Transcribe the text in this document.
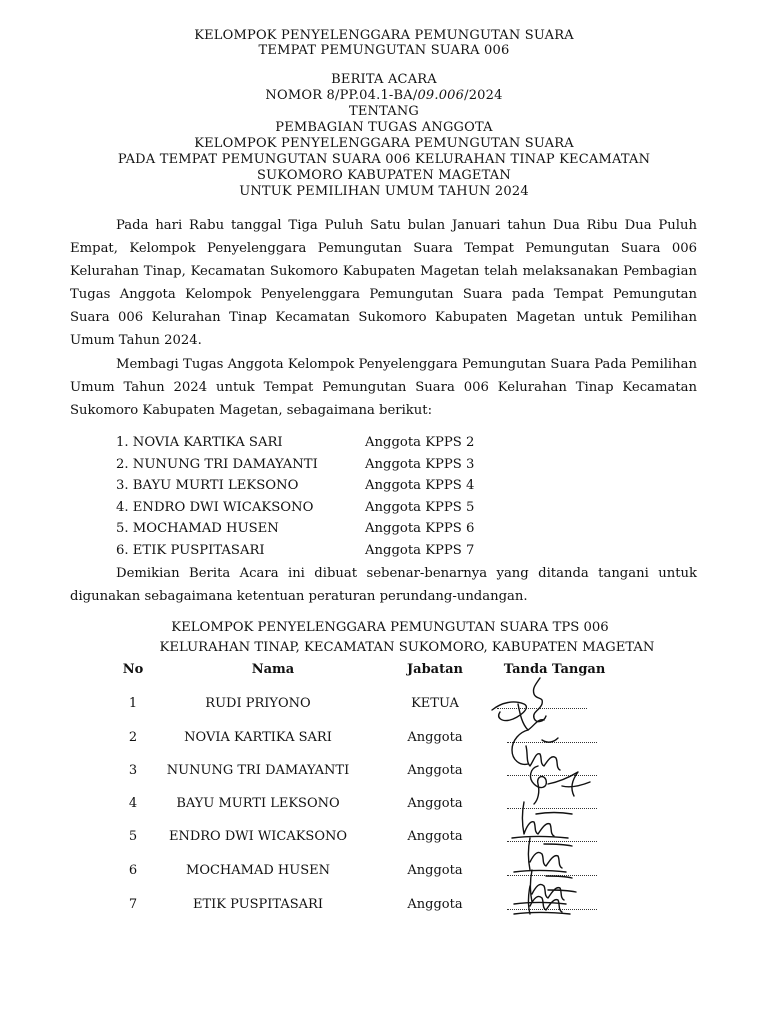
KELOMPOK PENYELENGGARA PEMUNGUTAN SUARA
TEMPAT PEMUNGUTAN SUARA 006
BERITA ACARA
NOMOR 8/PP.04.1-BA/09.006/2024
TENTANG
PEMBAGIAN TUGAS ANGGOTA
KELOMPOK PENYELENGGARA PEMUNGUTAN SUARA
PADA TEMPAT PEMUNGUTAN SUARA 006 KELURAHAN TINAP KECAMATAN
SUKOMORO KABUPATEN MAGETAN
UNTUK PEMILIHAN UMUM TAHUN 2024

Pada hari Rabu tanggal Tiga Puluh Satu bulan Januari tahun Dua Ribu Dua Puluh Empat, Kelompok Penyelenggara Pemungutan Suara Tempat Pemungutan Suara 006 Kelurahan Tinap, Kecamatan Sukomoro Kabupaten Magetan telah melaksanakan Pembagian Tugas Anggota Kelompok Penyelenggara Pemungutan Suara pada Tempat Pemungutan Suara 006 Kelurahan Tinap Kecamatan Sukomoro Kabupaten Magetan untuk Pemilihan Umum Tahun 2024.

Membagi Tugas Anggota Kelompok Penyelenggara Pemungutan Suara Pada Pemilihan Umum Tahun 2024 untuk Tempat Pemungutan Suara 006 Kelurahan Tinap Kecamatan Sukomoro Kabupaten Magetan, sebagaimana berikut:

1. NOVIA KARTIKA SARI	Anggota KPPS 2
2. NUNUNG TRI DAMAYANTI	Anggota KPPS 3
3. BAYU MURTI LEKSONO	Anggota KPPS 4
4. ENDRO DWI WICAKSONO	Anggota KPPS 5
5. MOCHAMAD HUSEN	Anggota KPPS 6
6. ETIK PUSPITASARI	Anggota KPPS 7

Demikian Berita Acara ini dibuat sebenar-benarnya yang ditanda tangani untuk digunakan sebagaimana ketentuan peraturan perundang-undangan.

KELOMPOK PENYELENGGARA PEMUNGUTAN SUARA TPS 006
KELURAHAN TINAP, KECAMATAN SUKOMORO, KABUPATEN MAGETAN
No	Nama	Jabatan	Tanda Tangan
1	RUDI PRIYONO	KETUA
2	NOVIA KARTIKA SARI	Anggota
3	NUNUNG TRI DAMAYANTI	Anggota
4	BAYU MURTI LEKSONO	Anggota
5	ENDRO DWI WICAKSONO	Anggota
6	MOCHAMAD HUSEN	Anggota
7	ETIK PUSPITASARI	Anggota
